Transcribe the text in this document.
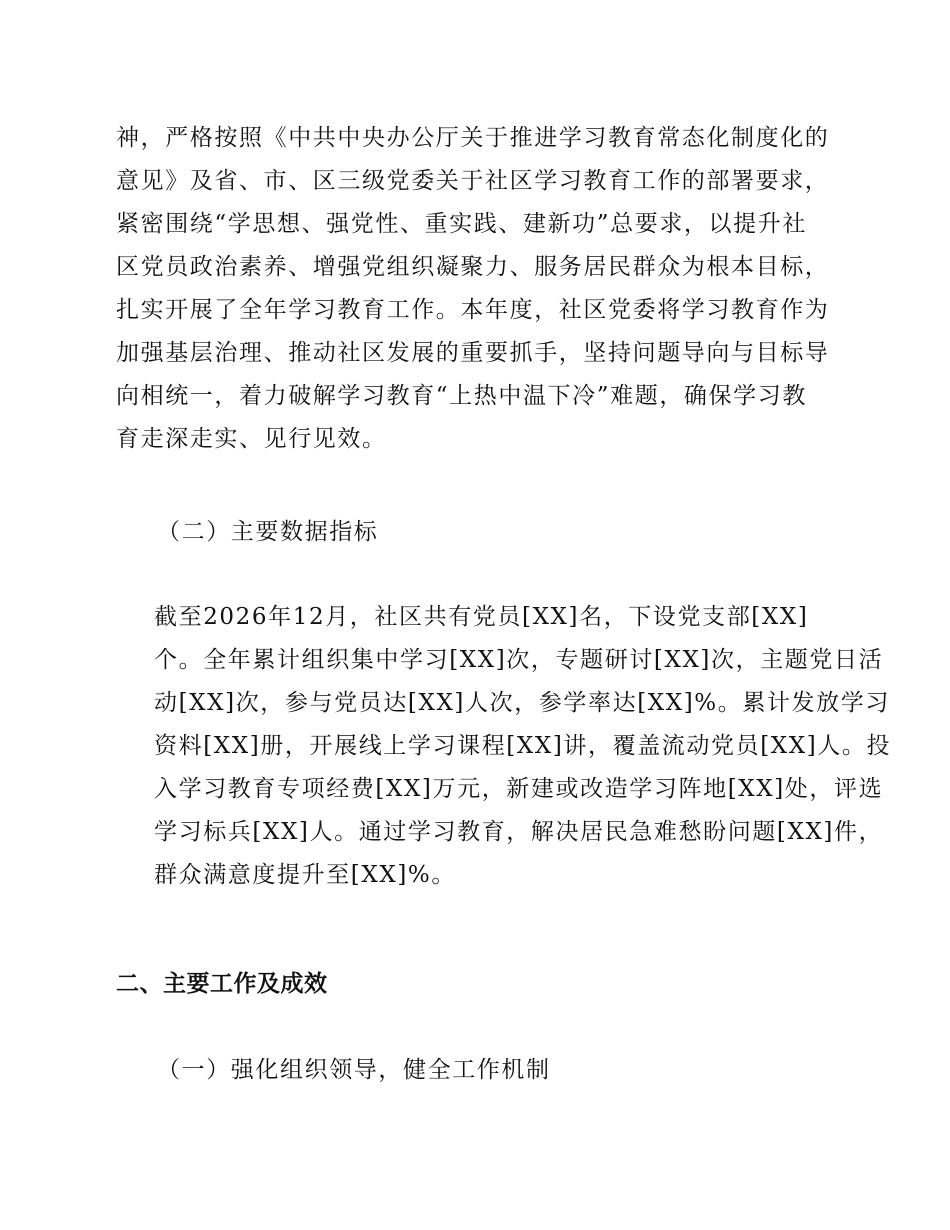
神，严格按照《中共中央办公厅关于推进学习教育常态化制度化的
意见》及省、市、区三级党委关于社区学习教育工作的部署要求，
紧密围绕“学思想、强党性、重实践、建新功”总要求，以提升社
区党员政治素养、增强党组织凝聚力、服务居民群众为根本目标，
扎实开展了全年学习教育工作。本年度，社区党委将学习教育作为
加强基层治理、推动社区发展的重要抓手，坚持问题导向与目标导
向相统一，着力破解学习教育“上热中温下冷”难题，确保学习教
育走深走实、见行见效。

（二）主要数据指标

截至2026年12月，社区共有党员[XX]名，下设党支部[XX]
个。全年累计组织集中学习[XX]次，专题研讨[XX]次，主题党日活
动[XX]次，参与党员达[XX]人次，参学率达[XX]%。累计发放学习
资料[XX]册，开展线上学习课程[XX]讲，覆盖流动党员[XX]人。投
入学习教育专项经费[XX]万元，新建或改造学习阵地[XX]处，评选
学习标兵[XX]人。通过学习教育，解决居民急难愁盼问题[XX]件，
群众满意度提升至[XX]%。

二、主要工作及成效
（一）强化组织领导，健全工作机制
